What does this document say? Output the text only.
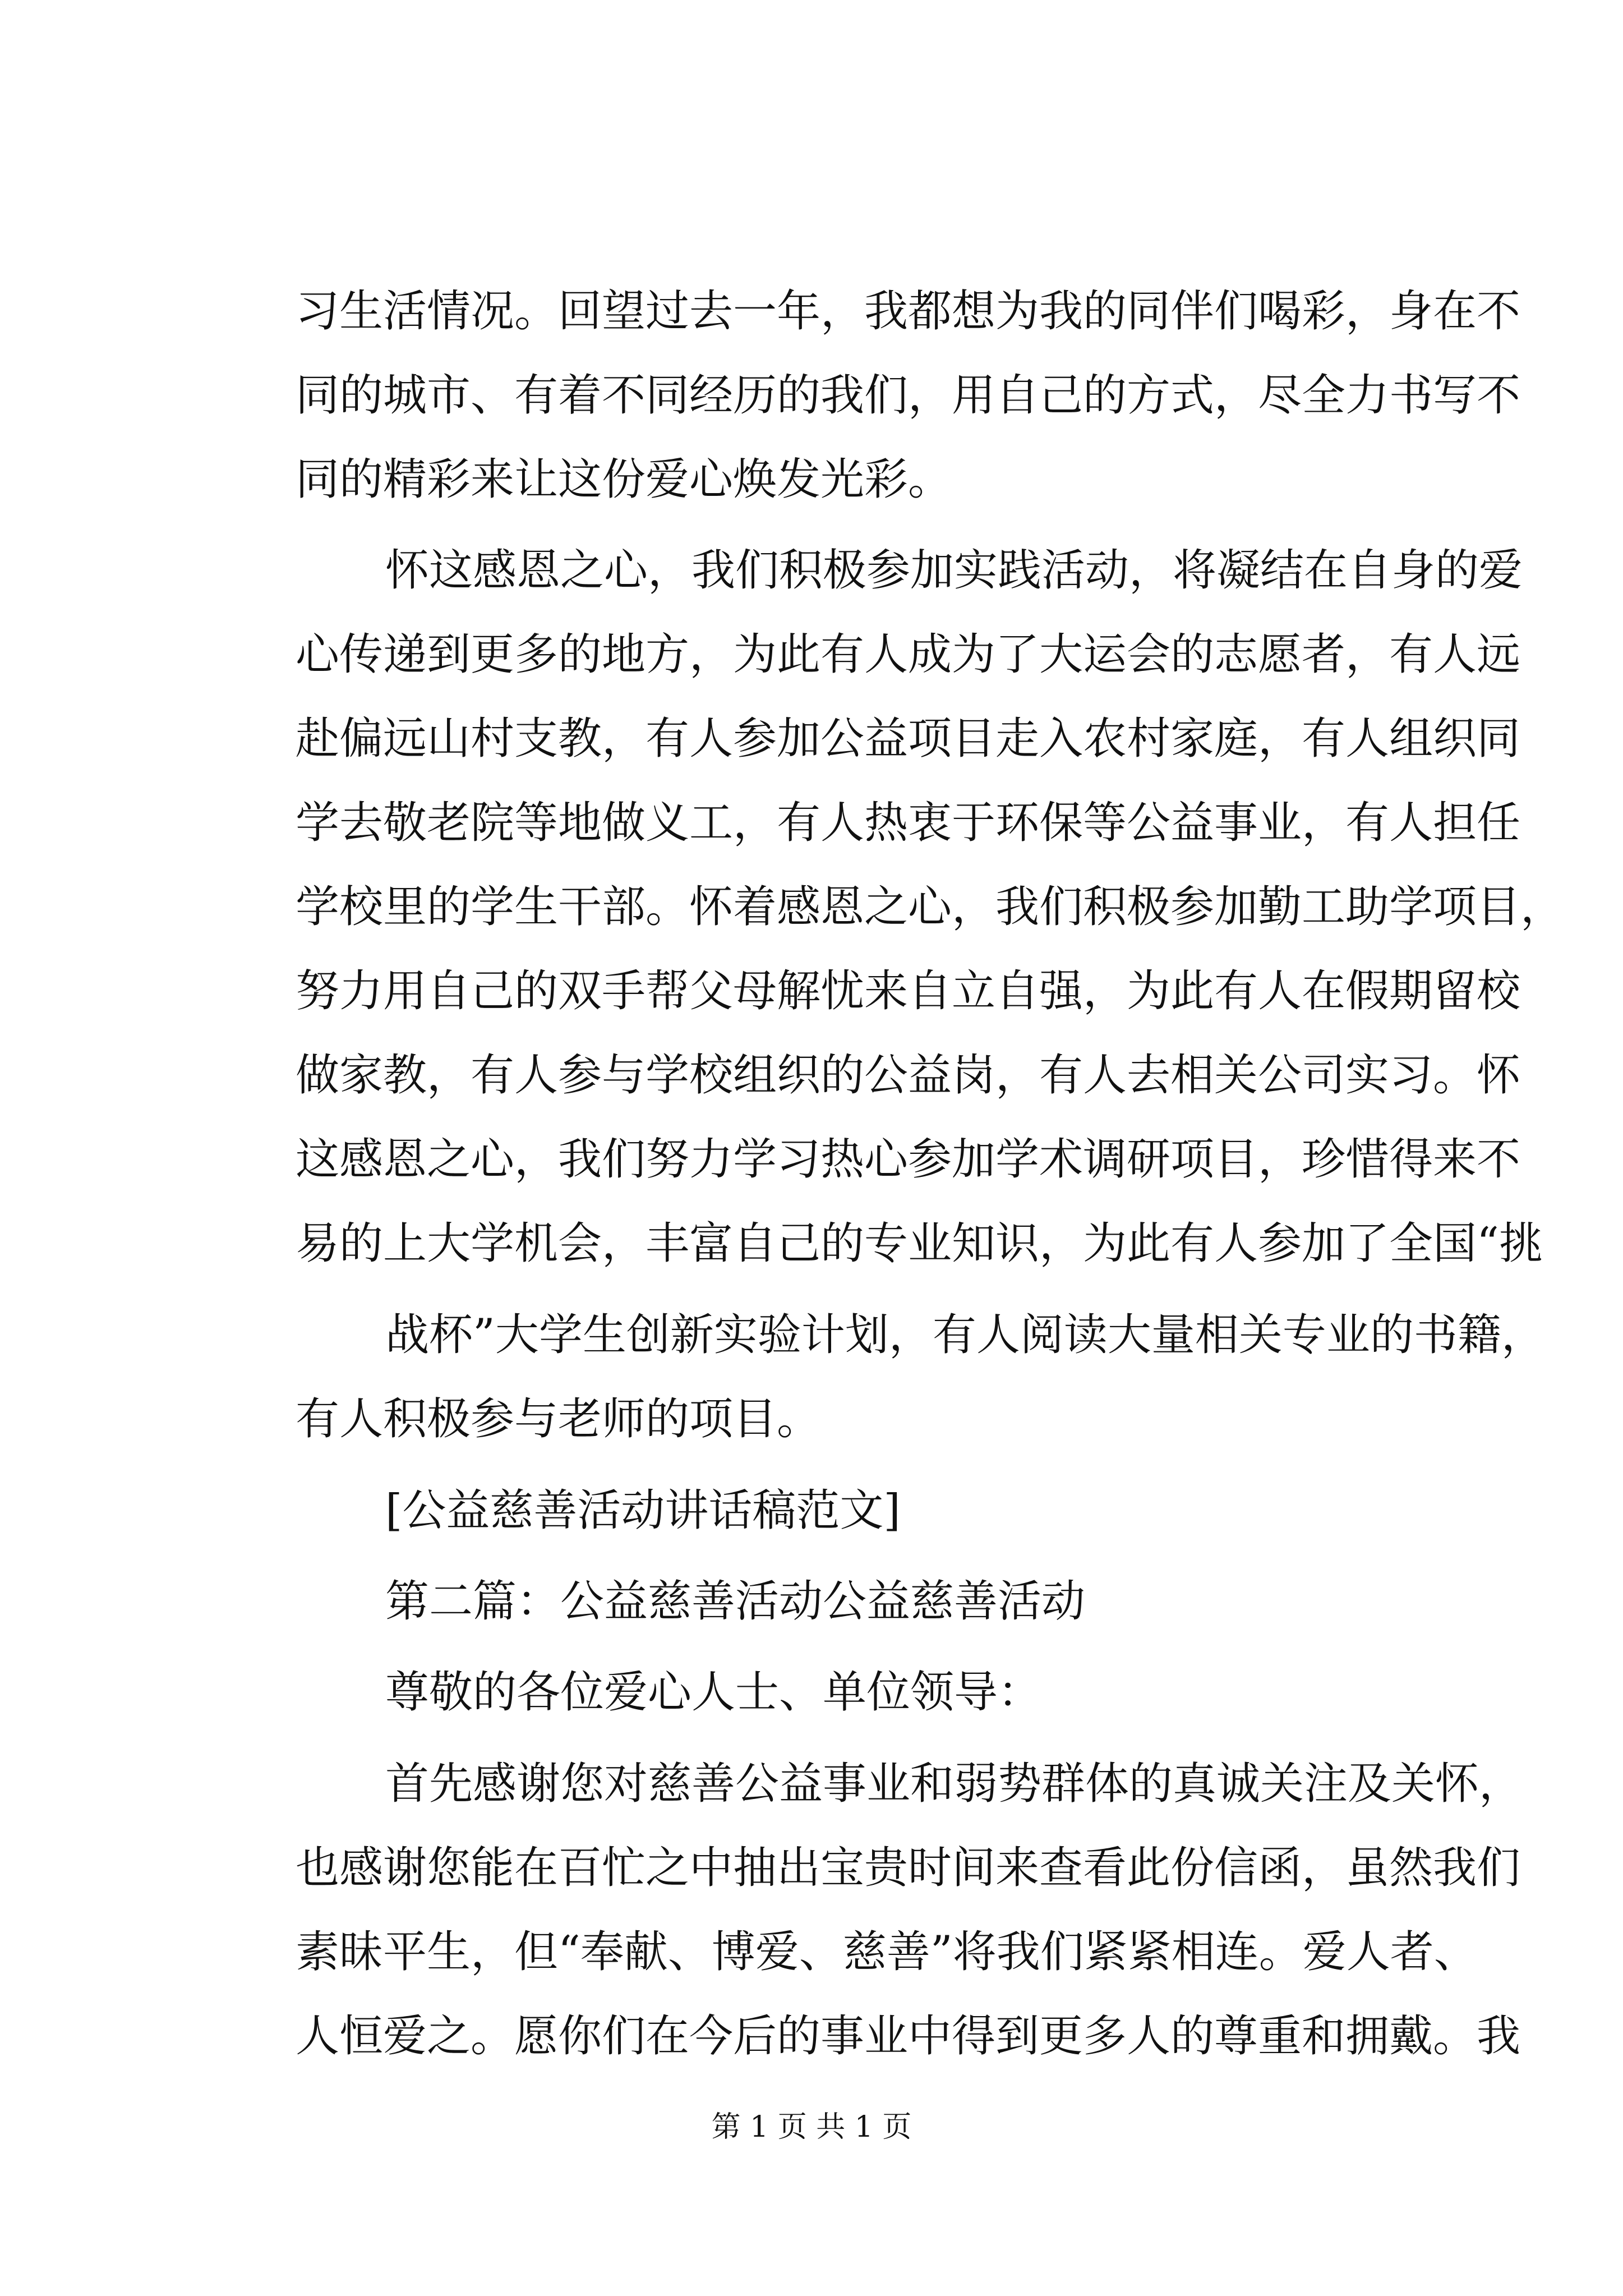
习生活情况。回望过去一年，我都想为我的同伴们喝彩，身在不
同的城市、有着不同经历的我们，用自己的方式，尽全力书写不
同的精彩来让这份爱心焕发光彩。
怀这感恩之心，我们积极参加实践活动，将凝结在自身的爱
心传递到更多的地方，为此有人成为了大运会的志愿者，有人远
赴偏远山村支教，有人参加公益项目走入农村家庭，有人组织同
学去敬老院等地做义工，有人热衷于环保等公益事业，有人担任
学校里的学生干部。怀着感恩之心，我们积极参加勤工助学项目，
努力用自己的双手帮父母解忧来自立自强，为此有人在假期留校
做家教，有人参与学校组织的公益岗，有人去相关公司实习。怀
这感恩之心，我们努力学习热心参加学术调研项目，珍惜得来不
易的上大学机会，丰富自己的专业知识，为此有人参加了全国“挑
战杯”大学生创新实验计划，有人阅读大量相关专业的书籍，
有人积极参与老师的项目。
[公益慈善活动讲话稿范文]
第二篇：公益慈善活动公益慈善活动
尊敬的各位爱心人士、单位领导：
首先感谢您对慈善公益事业和弱势群体的真诚关注及关怀，
也感谢您能在百忙之中抽出宝贵时间来查看此份信函，虽然我们
素昧平生，但“奉献、博爱、慈善”将我们紧紧相连。爱人者、
人恒爱之。愿你们在今后的事业中得到更多人的尊重和拥戴。我
第 1 页 共 1 页
